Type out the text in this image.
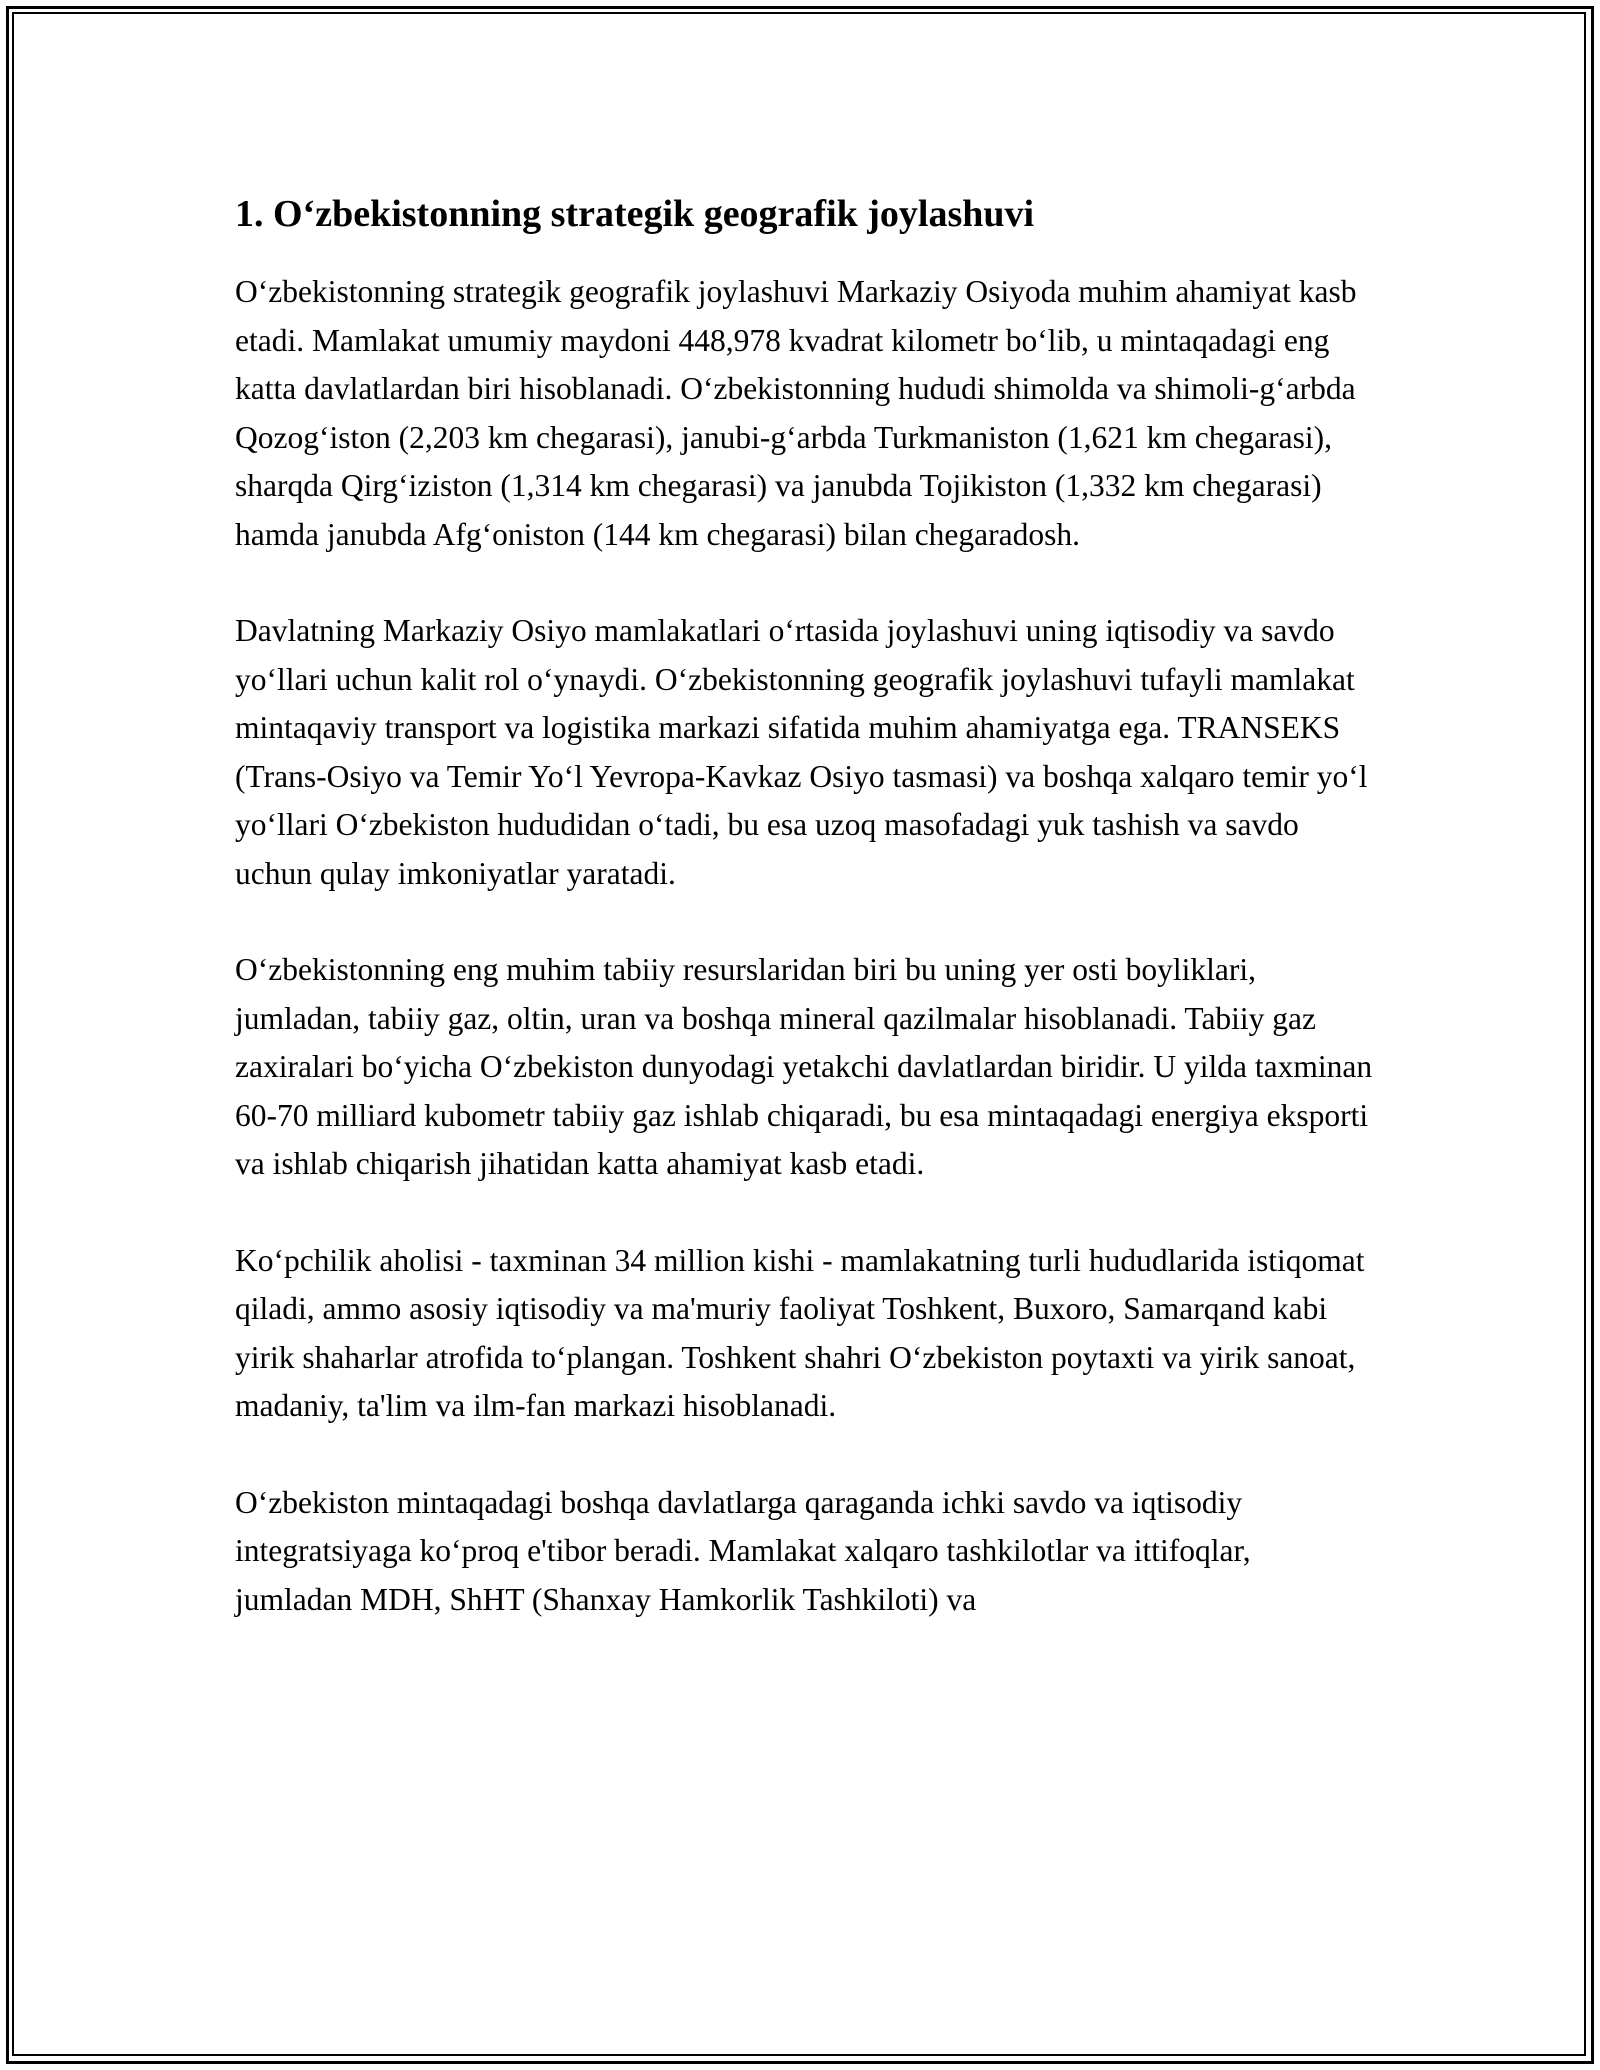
1. O‘zbekistonning strategik geografik joylashuvi

O‘zbekistonning strategik geografik joylashuvi Markaziy Osiyoda muhim ahamiyat kasb etadi. Mamlakat umumiy maydoni 448,978 kvadrat kilometr bo‘lib, u mintaqadagi eng katta davlatlardan biri hisoblanadi. O‘zbekistonning hududi shimolda va shimoli-g‘arbda Qozog‘iston (2,203 km chegarasi), janubi-g‘arbda Turkmaniston (1,621 km chegarasi), sharqda Qirg‘iziston (1,314 km chegarasi) va janubda Tojikiston (1,332 km chegarasi) hamda janubda Afg‘oniston (144 km chegarasi) bilan chegaradosh.

Davlatning Markaziy Osiyo mamlakatlari o‘rtasida joylashuvi uning iqtisodiy va savdo yo‘llari uchun kalit rol o‘ynaydi. O‘zbekistonning geografik joylashuvi tufayli mamlakat mintaqaviy transport va logistika markazi sifatida muhim ahamiyatga ega. TRANSEKS (Trans-Osiyo va Temir Yo‘l Yevropa-Kavkaz Osiyo tasmasi) va boshqa xalqaro temir yo‘l yo‘llari O‘zbekiston hududidan o‘tadi, bu esa uzoq masofadagi yuk tashish va savdo uchun qulay imkoniyatlar yaratadi.

O‘zbekistonning eng muhim tabiiy resurslaridan biri bu uning yer osti boyliklari, jumladan, tabiiy gaz, oltin, uran va boshqa mineral qazilmalar hisoblanadi. Tabiiy gaz zaxiralari bo‘yicha O‘zbekiston dunyodagi yetakchi davlatlardan biridir. U yilda taxminan 60-70 milliard kubometr tabiiy gaz ishlab chiqaradi, bu esa mintaqadagi energiya eksporti va ishlab chiqarish jihatidan katta ahamiyat kasb etadi.

Ko‘pchilik aholisi - taxminan 34 million kishi - mamlakatning turli hududlarida istiqomat qiladi, ammo asosiy iqtisodiy va ma'muriy faoliyat Toshkent, Buxoro, Samarqand kabi yirik shaharlar atrofida to‘plangan. Toshkent shahri O‘zbekiston poytaxti va yirik sanoat, madaniy, ta'lim va ilm-fan markazi hisoblanadi.

O‘zbekiston mintaqadagi boshqa davlatlarga qaraganda ichki savdo va iqtisodiy integratsiyaga ko‘proq e'tibor beradi. Mamlakat xalqaro tashkilotlar va ittifoqlar, jumladan MDH, ShHT (Shanxay Hamkorlik Tashkiloti) va
